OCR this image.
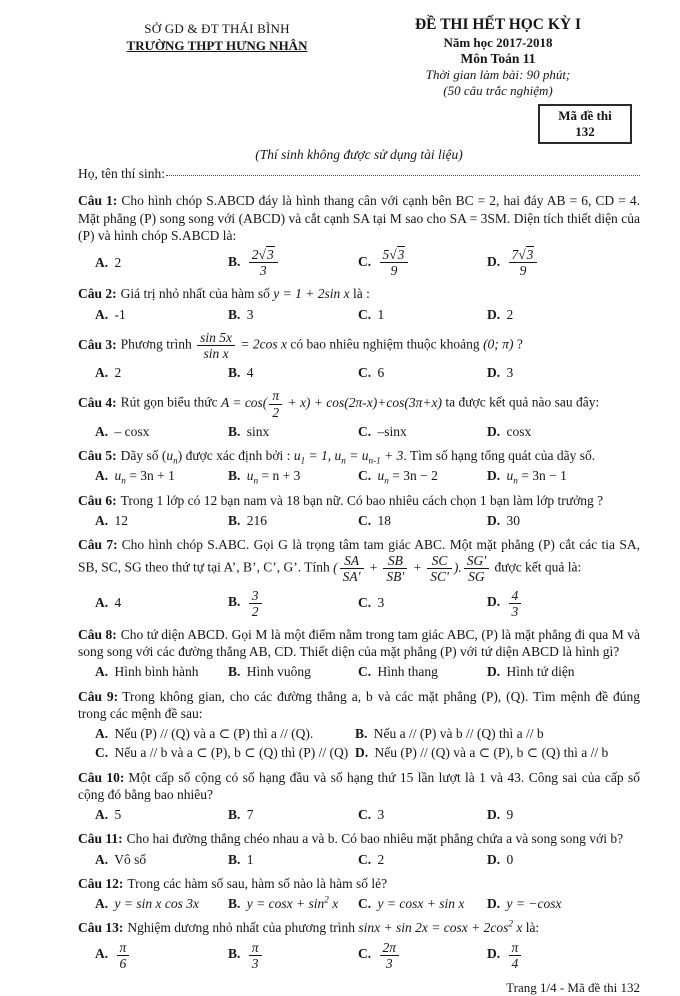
SỞ GD & ĐT THÁI BÌNH
TRƯỜNG THPT HƯNG NHÂN
ĐỀ THI HẾT HỌC KỲ I
Năm học 2017-2018
Môn Toán 11
Thời gian làm bài: 90 phút;
(50 câu trắc nghiệm)
Mã đề thi
132
(Thí sinh không được sử dụng tài liệu)
Họ, tên thí sinh:
Câu 1: Cho hình chóp S.ABCD đáy là hình thang cân với cạnh bên BC = 2, hai đáy AB = 6, CD = 4. Mặt phẳng (P) song song với (ABCD) và cắt cạnh SA tại M sao cho SA = 3SM. Diện tích thiết diện của (P) và hình chóp S.ABCD là:
A. 2	B. $\frac{2√3}{3}$	C. $\frac{5√3}{9}$	D. $\frac{7√3}{9}$
Câu 2: Giá trị nhỏ nhất của hàm số y = 1 + 2sin x là :
A. -1	B. 3	C. 1	D. 2
Câu 3: Phương trình $\frac{\sin 5x}{\text{sin x}} = 2\cos$ x có bao nhiêu nghiệm thuộc khoảng (0; π) ?
A. 2	B. 4	C. 6	D. 3
Câu 4: Rút gọn biểu thức $A = \cos( \frac{\pi}{2} + x) + \cos(2\pi-x)+\cos(3\pi+x)$ ta được kết quả nào sau đây:
A. – cosx	B. sinx	C. –sinx	D. cosx
Câu 5: Dãy số $(u_n)$ được xác định bởi : $u_1 = 1$, $u_n = u_{n-1} + 3$. Tìm số hạng tổng quát của dãy số.
A. $u_n = 3n + 1$	B. $u_n = n + 3$	C. $u_n = 3n - 2$	D. $u_n = 3n - 1$
Câu 6: Trong 1 lớp có 12 bạn nam và 18 bạn nữ. Có bao nhiêu cách chọn 1 bạn làm lớp trưởng ?
A. 12	B. 216	C. 18	D. 30
Câu 7: Cho hình chóp S.ABC. Gọi G là trọng tâm tam giác ABC. Một mặt phẳng (P) cắt các tia SA, SB, SC, SG theo thứ tự tại A’, B’, C’, G’. Tính ( $\frac{SA}{SA'} + \frac{SB}{SB'} + \frac{SC}{SC'}$ ). $\frac{SG'}{SG}$ được kết quả là:
A. 4	B. $\frac{3}{2}$	C. 3	D. $\frac{4}{3}$
Câu 8: Cho tứ diện ABCD. Gọi M là một điểm nằm trong tam giác ABC, (P) là mặt phẳng đi qua M và song song với các đường thẳng AB, CD. Thiết diện của mặt phẳng (P) với tứ diện ABCD là hình gì?
A. Hình bình hành	B. Hình vuông	C. Hình thang	D. Hình tứ diện
Câu 9: Trong không gian, cho các đường thẳng a, b và các mặt phẳng (P), (Q). Tìm mệnh đề đúng trong các mệnh đề sau:
A. Nếu (P) // (Q) và a ⊂ (P) thì a // (Q).	B. Nếu a // (P) và b // (Q) thì a // b
C. Nếu a // b và a ⊂ (P), b ⊂ (Q) thì (P) // (Q) D. Nếu (P) // (Q) và a ⊂ (P), b ⊂ (Q) thì a // b
Câu 10: Một cấp số cộng có số hạng đầu và số hạng thứ 15 lần lượt là 1 và 43. Công sai của cấp số cộng đó bằng bao nhiêu?
A. 5	B. 7	C. 3	D. 9
Câu 11: Cho hai đường thẳng chéo nhau a và b. Có bao nhiêu mặt phẳng chứa a và song song với b?
A. Vô số	B. 1	C. 2	D. 0
Câu 12: Trong các hàm số sau, hàm số nào là hàm số lẻ?
A. y = sin x cos 3x	B. $y = \cos x + \sin^2 x$	C. y = cosx + sin x	D. y = −cosx
Câu 13: Nghiệm dương nhỏ nhất của phương trình $\sin x + \sin 2x = \cos x + 2\cos^2$ x là:
A. $\frac{\pi}{6}$	B. $\frac{\pi}{3}$	C. $\frac{2\pi}{3}$	D. $\frac{\pi}{4}$
Trang 1/4 - Mã đề thi 132
